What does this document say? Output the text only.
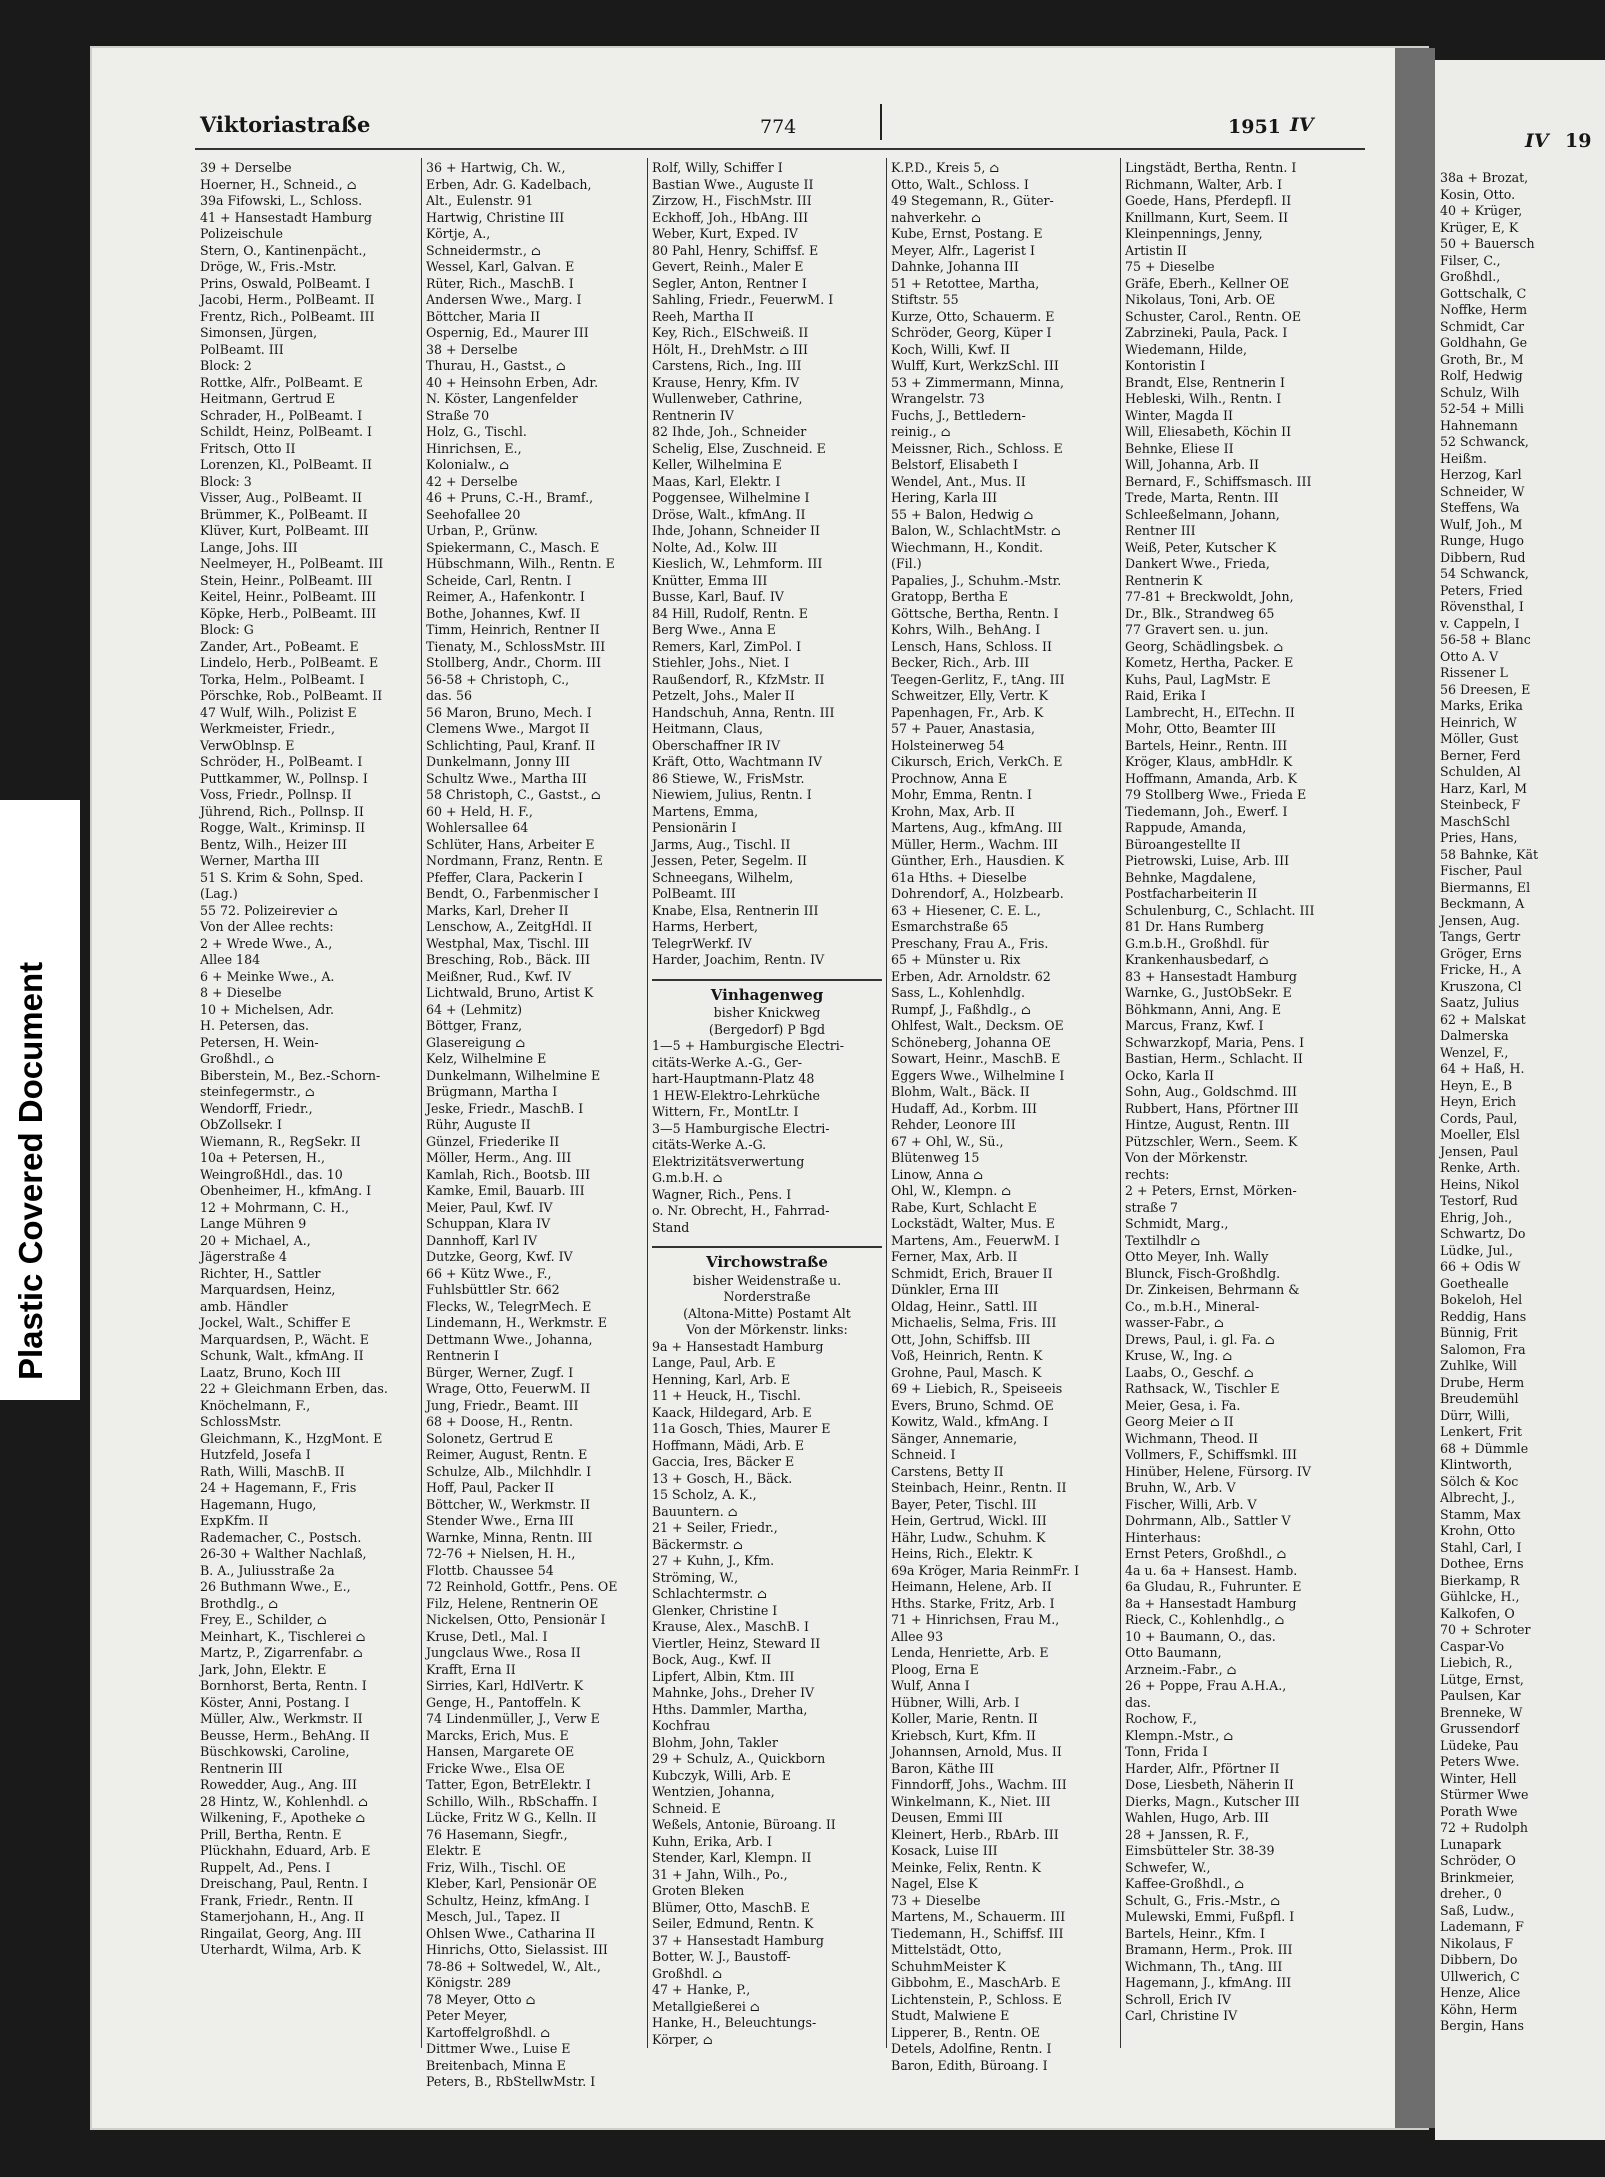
Plastic Covered Document
Viktoriastraße	774	1951 IV
IV 19
39 + Derselbe
Hoerner, H., Schneid., ⌂
39a Fifowski, L., Schloss.
41 + Hansestadt Hamburg
Polizeischule
Stern, O., Kantinenpächt.,
Dröge, W., Fris.-Mstr.
Prins, Oswald, PolBeamt. I
Jacobi, Herm., PolBeamt. II
Frentz, Rich., PolBeamt. III
Simonsen, Jürgen,
PolBeamt. III
Block: 2
Rottke, Alfr., PolBeamt. E
Heitmann, Gertrud E
Schrader, H., PolBeamt. I
Schildt, Heinz, PolBeamt. I
Fritsch, Otto II
Lorenzen, Kl., PolBeamt. II
Block: 3
Visser, Aug., PolBeamt. II
Brümmer, K., PolBeamt. II
Klüver, Kurt, PolBeamt. III
Lange, Johs. III
Neelmeyer, H., PolBeamt. III
Stein, Heinr., PolBeamt. III
Keitel, Heinr., PolBeamt. III
Köpke, Herb., PolBeamt. III
Block: G
Zander, Art., PoBeamt. E
Lindelo, Herb., PolBeamt. E
Torka, Helm., PolBeamt. I
Pörschke, Rob., PolBeamt. II
47 Wulf, Wilh., Polizist E
Werkmeister, Friedr.,
VerwOblnsp. E
Schröder, H., PolBeamt. I
Puttkammer, W., Pollnsp. I
Voss, Friedr., Pollnsp. II
Jührend, Rich., Pollnsp. II
Rogge, Walt., Kriminsp. II
Bentz, Wilh., Heizer III
Werner, Martha III
51 S. Krim & Sohn, Sped.
(Lag.)
55 72. Polizeirevier ⌂
Von der Allee rechts:
2 + Wrede Wwe., A.,
Allee 184
6 + Meinke Wwe., A.
8 + Dieselbe
10 + Michelsen, Adr.
H. Petersen, das.
Petersen, H. Wein-
Großhdl., ⌂
Biberstein, M., Bez.-Schorn-
steinfegermstr., ⌂
Wendorff, Friedr.,
ObZollsekr. I
Wiemann, R., RegSekr. II
10a + Petersen, H.,
WeingroßHdl., das. 10
Obenheimer, H., kfmAng. I
12 + Mohrmann, C. H.,
Lange Mühren 9
20 + Michael, A.,
Jägerstraße 4
Richter, H., Sattler
Marquardsen, Heinz,
amb. Händler
Jockel, Walt., Schiffer E
Marquardsen, P., Wächt. E
Schunk, Walt., kfmAng. II
Laatz, Bruno, Koch III
22 + Gleichmann Erben, das.
Knöchelmann, F.,
SchlossMstr.
Gleichmann, K., HzgMont. E
Hutzfeld, Josefa I
Rath, Willi, MaschB. II
24 + Hagemann, F., Fris
Hagemann, Hugo,
ExpKfm. II
Rademacher, C., Postsch.
26-30 + Walther Nachlaß,
B. A., Juliusstraße 2a
26 Buthmann Wwe., E.,
Brothdlg., ⌂
Frey, E., Schilder, ⌂
Meinhart, K., Tischlerei ⌂
Martz, P., Zigarrenfabr. ⌂
Jark, John, Elektr. E
Bornhorst, Berta, Rentn. I
Köster, Anni, Postang. I
Müller, Alw., Werkmstr. II
Beusse, Herm., BehAng. II
Büschkowski, Caroline,
Rentnerin III
Rowedder, Aug., Ang. III
28 Hintz, W., Kohlenhdl. ⌂
Wilkening, F., Apotheke ⌂
Prill, Bertha, Rentn. E
Plückhahn, Eduard, Arb. E
Ruppelt, Ad., Pens. I
Dreischang, Paul, Rentn. I
Frank, Friedr., Rentn. II
Stamerjohann, H., Ang. II
Ringailat, Georg, Ang. III
Uterhardt, Wilma, Arb. K
36 + Hartwig, Ch. W.,
Erben, Adr. G. Kadelbach,
Alt., Eulenstr. 91
Hartwig, Christine III
Körtje, A.,
Schneidermstr., ⌂
Wessel, Karl, Galvan. E
Rüter, Rich., MaschB. I
Andersen Wwe., Marg. I
Böttcher, Maria II
Ospernig, Ed., Maurer III
38 + Derselbe
Thurau, H., Gastst., ⌂
40 + Heinsohn Erben, Adr.
N. Köster, Langenfelder
Straße 70
Holz, G., Tischl.
Hinrichsen, E.,
Kolonialw., ⌂
42 + Derselbe
46 + Pruns, C.-H., Bramf.,
Seehofallee 20
Urban, P., Grünw.
Spiekermann, C., Masch. E
Hübschmann, Wilh., Rentn. E
Scheide, Carl, Rentn. I
Reimer, A., Hafenkontr. I
Bothe, Johannes, Kwf. II
Timm, Heinrich, Rentner II
Tienaty, M., SchlossMstr. III
Stollberg, Andr., Chorm. III
56-58 + Christoph, C.,
das. 56
56 Maron, Bruno, Mech. I
Clemens Wwe., Margot II
Schlichting, Paul, Kranf. II
Dunkelmann, Jonny III
Schultz Wwe., Martha III
58 Christoph, C., Gastst., ⌂
60 + Held, H. F.,
Wohlersallee 64
Schlüter, Hans, Arbeiter E
Nordmann, Franz, Rentn. E
Pfeffer, Clara, Packerin I
Bendt, O., Farbenmischer I
Marks, Karl, Dreher II
Lenschow, A., ZeitgHdl. II
Westphal, Max, Tischl. III
Bresching, Rob., Bäck. III
Meißner, Rud., Kwf. IV
Lichtwald, Bruno, Artist K
64 + (Lehmitz)
Böttger, Franz,
Glasereigung ⌂
Kelz, Wilhelmine E
Dunkelmann, Wilhelmine E
Brügmann, Martha I
Jeske, Friedr., MaschB. I
Rühr, Auguste II
Günzel, Friederike II
Möller, Herm., Ang. III
Kamlah, Rich., Bootsb. III
Kamke, Emil, Bauarb. III
Meier, Paul, Kwf. IV
Schuppan, Klara IV
Dannhoff, Karl IV
Dutzke, Georg, Kwf. IV
66 + Kütz Wwe., F.,
Fuhlsbüttler Str. 662
Flecks, W., TelegrMech. E
Lindemann, H., Werkmstr. E
Dettmann Wwe., Johanna,
Rentnerin I
Bürger, Werner, Zugf. I
Wrage, Otto, FeuerwM. II
Jung, Friedr., Beamt. III
68 + Doose, H., Rentn.
Solonetz, Gertrud E
Reimer, August, Rentn. E
Schulze, Alb., Milchhdlr. I
Hoff, Paul, Packer II
Böttcher, W., Werkmstr. II
Stender Wwe., Erna III
Warnke, Minna, Rentn. III
72-76 + Nielsen, H. H.,
Flottb. Chaussee 54
72 Reinhold, Gottfr., Pens. OE
Filz, Helene, Rentnerin OE
Nickelsen, Otto, Pensionär I
Kruse, Detl., Mal. I
Jungclaus Wwe., Rosa II
Krafft, Erna II
Sirries, Karl, HdlVertr. K
Genge, H., Pantoffeln. K
74 Lindenmüller, J., Verw E
Marcks, Erich, Mus. E
Hansen, Margarete OE
Fricke Wwe., Elsa OE
Tatter, Egon, BetrElektr. I
Schillo, Wilh., RbSchaffn. I
Lücke, Fritz W G., Kelln. II
76 Hasemann, Siegfr.,
Elektr. E
Friz, Wilh., Tischl. OE
Kleber, Karl, Pensionär OE
Schultz, Heinz, kfmAng. I
Mesch, Jul., Tapez. II
Ohlsen Wwe., Catharina II
Hinrichs, Otto, Sielassist. III
78-86 + Soltwedel, W., Alt.,
Königstr. 289
78 Meyer, Otto ⌂
Peter Meyer,
Kartoffelgroßhdl. ⌂
Dittmer Wwe., Luise E
Breitenbach, Minna E
Peters, B., RbStellwMstr. I
Rolf, Willy, Schiffer I
Bastian Wwe., Auguste II
Zirzow, H., FischMstr. III
Eckhoff, Joh., HbAng. III
Weber, Kurt, Exped. IV
80 Pahl, Henry, Schiffsf. E
Gevert, Reinh., Maler E
Segler, Anton, Rentner I
Sahling, Friedr., FeuerwM. I
Reeh, Martha II
Key, Rich., ElSchweiß. II
Hölt, H., DrehMstr. ⌂ III
Carstens, Rich., Ing. III
Krause, Henry, Kfm. IV
Wullenweber, Cathrine,
Rentnerin IV
82 Ihde, Joh., Schneider
Schelig, Else, Zuschneid. E
Keller, Wilhelmina E
Maas, Karl, Elektr. I
Poggensee, Wilhelmine I
Dröse, Walt., kfmAng. II
Ihde, Johann, Schneider II
Nolte, Ad., Kolw. III
Kieslich, W., Lehmform. III
Knütter, Emma III
Busse, Karl, Bauf. IV
84 Hill, Rudolf, Rentn. E
Berg Wwe., Anna E
Remers, Karl, ZimPol. I
Stiehler, Johs., Niet. I
Raußendorf, R., KfzMstr. II
Petzelt, Johs., Maler II
Handschuh, Anna, Rentn. III
Heitmann, Claus,
Oberschaffner IR IV
Kräft, Otto, Wachtmann IV
86 Stiewe, W., FrisMstr.
Niewiem, Julius, Rentn. I
Martens, Emma,
Pensionärin I
Jarms, Aug., Tischl. II
Jessen, Peter, Segelm. II
Schneegans, Wilhelm,
PolBeamt. III
Knabe, Elsa, Rentnerin III
Harms, Herbert,
TelegrWerkf. IV
Harder, Joachim, Rentn. IV
Vinhagenweg
bisher Knickweg
(Bergedorf) P Bgd
1—5 + Hamburgische Electri-
citäts-Werke A.-G., Ger-
hart-Hauptmann-Platz 48
1 HEW-Elektro-Lehrküche
Wittern, Fr., MontLtr. I
3—5 Hamburgische Electri-
citäts-Werke A.-G.
Elektrizitätsverwertung
G.m.b.H. ⌂
Wagner, Rich., Pens. I
o. Nr. Obrecht, H., Fahrrad-
Stand
Virchowstraße
bisher Weidenstraße u. Norderstraße
(Altona-Mitte) Postamt Alt
Von der Mörkenstr. links:
9a + Hansestadt Hamburg
Lange, Paul, Arb. E
Henning, Karl, Arb. E
11 + Heuck, H., Tischl.
Kaack, Hildegard, Arb. E
11a Gosch, Thies, Maurer E
Hoffmann, Mädi, Arb. E
Gaccia, Ires, Bäcker E
13 + Gosch, H., Bäck.
15 Scholz, A. K.,
Bauuntern. ⌂
21 + Seiler, Friedr.,
Bäckermstr. ⌂
27 + Kuhn, J., Kfm.
Ströming, W.,
Schlachtermstr. ⌂
Glenker, Christine I
Krause, Alex., MaschB. I
Viertler, Heinz, Steward II
Bock, Aug., Kwf. II
Lipfert, Albin, Ktm. III
Mahnke, Johs., Dreher IV
Hths. Dammler, Martha,
Kochfrau
Blohm, John, Takler
29 + Schulz, A., Quickborn
Kubczyk, Willi, Arb. E
Wentzien, Johanna,
Schneid. E
Weßels, Antonie, Büroang. II
Kuhn, Erika, Arb. I
Stender, Karl, Klempn. II
31 + Jahn, Wilh., Po.,
Groten Bleken
Blümer, Otto, MaschB. E
Seiler, Edmund, Rentn. K
37 + Hansestadt Hamburg
Botter, W. J., Baustoff-
Großhdl. ⌂
47 + Hanke, P.,
Metallgießerei ⌂
Hanke, H., Beleuchtungs-
Körper, ⌂
K.P.D., Kreis 5, ⌂
Otto, Walt., Schloss. I
49 Stegemann, R., Güter-
nahverkehr. ⌂
Kube, Ernst, Postang. E
Meyer, Alfr., Lagerist I
Dahnke, Johanna III
51 + Retottee, Martha,
Stiftstr. 55
Kurze, Otto, Schauerm. E
Schröder, Georg, Küper I
Koch, Willi, Kwf. II
Wulff, Kurt, WerkzSchl. III
53 + Zimmermann, Minna,
Wrangelstr. 73
Fuchs, J., Bettledern-
reinig., ⌂
Meissner, Rich., Schloss. E
Belstorf, Elisabeth I
Wendel, Ant., Mus. II
Hering, Karla III
55 + Balon, Hedwig ⌂
Balon, W., SchlachtMstr. ⌂
Wiechmann, H., Kondit.
(Fil.)
Papalies, J., Schuhm.-Mstr.
Gratopp, Bertha E
Göttsche, Bertha, Rentn. I
Kohrs, Wilh., BehAng. I
Lensch, Hans, Schloss. II
Becker, Rich., Arb. III
Teegen-Gerlitz, F., tAng. III
Schweitzer, Elly, Vertr. K
Papenhagen, Fr., Arb. K
57 + Pauer, Anastasia,
Holsteinerweg 54
Cikursch, Erich, VerkCh. E
Prochnow, Anna E
Mohr, Emma, Rentn. I
Krohn, Max, Arb. II
Martens, Aug., kfmAng. III
Müller, Herm., Wachm. III
Günther, Erh., Hausdien. K
61a Hths. + Dieselbe
Dohrendorf, A., Holzbearb.
63 + Hiesener, C. E. L.,
Esmarchstraße 65
Preschany, Frau A., Fris.
65 + Münster u. Rix
Erben, Adr. Arnoldstr. 62
Sass, L., Kohlenhdlg.
Rumpf, J., Faßhdlg., ⌂
Ohlfest, Walt., Decksm. OE
Schöneberg, Johanna OE
Sowart, Heinr., MaschB. E
Eggers Wwe., Wilhelmine I
Blohm, Walt., Bäck. II
Hudaff, Ad., Korbm. III
Rehder, Leonore III
67 + Ohl, W., Sü.,
Blütenweg 15
Linow, Anna ⌂
Ohl, W., Klempn. ⌂
Rabe, Kurt, Schlacht E
Lockstädt, Walter, Mus. E
Martens, Am., FeuerwM. I
Ferner, Max, Arb. II
Schmidt, Erich, Brauer II
Dünkler, Erna III
Oldag, Heinr., Sattl. III
Michaelis, Selma, Fris. III
Ott, John, Schiffsb. III
Voß, Heinrich, Rentn. K
Grohne, Paul, Masch. K
69 + Liebich, R., Speiseeis
Evers, Bruno, Schmd. OE
Kowitz, Wald., kfmAng. I
Sänger, Annemarie,
Schneid. I
Carstens, Betty II
Steinbach, Heinr., Rentn. II
Bayer, Peter, Tischl. III
Hein, Gertrud, Wickl. III
Hähr, Ludw., Schuhm. K
Heins, Rich., Elektr. K
69a Kröger, Maria ReinmFr. I
Heimann, Helene, Arb. II
Hths. Starke, Fritz, Arb. I
71 + Hinrichsen, Frau M.,
Allee 93
Lenda, Henriette, Arb. E
Ploog, Erna E
Wulf, Anna I
Hübner, Willi, Arb. I
Koller, Marie, Rentn. II
Kriebsch, Kurt, Kfm. II
Johannsen, Arnold, Mus. II
Baron, Käthe III
Finndorff, Johs., Wachm. III
Winkelmann, K., Niet. III
Deusen, Emmi III
Kleinert, Herb., RbArb. III
Kosack, Luise III
Meinke, Felix, Rentn. K
Nagel, Else K
73 + Dieselbe
Martens, M., Schauerm. III
Tiedemann, H., Schiffsf. III
Mittelstädt, Otto,
SchuhmMeister K
Gibbohm, E., MaschArb. E
Lichtenstein, P., Schloss. E
Studt, Malwiene E
Lipperer, B., Rentn. OE
Detels, Adolfine, Rentn. I
Baron, Edith, Büroang. I
Lingstädt, Bertha, Rentn. I
Richmann, Walter, Arb. I
Goede, Hans, Pferdepfl. II
Knillmann, Kurt, Seem. II
Kleinpennings, Jenny,
Artistin II
75 + Dieselbe
Gräfe, Eberh., Kellner OE
Nikolaus, Toni, Arb. OE
Schuster, Carol., Rentn. OE
Zabrzineki, Paula, Pack. I
Wiedemann, Hilde,
Kontoristin I
Brandt, Else, Rentnerin I
Hebleski, Wilh., Rentn. I
Winter, Magda II
Will, Eliesabeth, Köchin II
Behnke, Eliese II
Will, Johanna, Arb. II
Bernard, F., Schiffsmasch. III
Trede, Marta, Rentn. III
Schleeßelmann, Johann,
Rentner III
Weiß, Peter, Kutscher K
Dankert Wwe., Frieda,
Rentnerin K
77-81 + Breckwoldt, John,
Dr., Blk., Strandweg 65
77 Gravert sen. u. jun.
Georg, Schädlingsbek. ⌂
Kometz, Hertha, Packer. E
Kuhs, Paul, LagMstr. E
Raid, Erika I
Lambrecht, H., ElTechn. II
Mohr, Otto, Beamter III
Bartels, Heinr., Rentn. III
Kröger, Klaus, ambHdlr. K
Hoffmann, Amanda, Arb. K
79 Stollberg Wwe., Frieda E
Tiedemann, Joh., Ewerf. I
Rappude, Amanda,
Büroangestellte II
Pietrowski, Luise, Arb. III
Behnke, Magdalene,
Postfacharbeiterin II
Schulenburg, C., Schlacht. III
81 Dr. Hans Rumberg
G.m.b.H., Großhdl. für
Krankenhausbedarf, ⌂
83 + Hansestadt Hamburg
Warnke, G., JustObSekr. E
Böhkmann, Anni, Ang. E
Marcus, Franz, Kwf. I
Schwarzkopf, Maria, Pens. I
Bastian, Herm., Schlacht. II
Ocko, Karla II
Sohn, Aug., Goldschmd. III
Rubbert, Hans, Pförtner III
Hintze, August, Rentn. III
Pützschler, Wern., Seem. K
Von der Mörkenstr.
rechts:
2 + Peters, Ernst, Mörken-
straße 7
Schmidt, Marg.,
Textilhdlr ⌂
Otto Meyer, Inh. Wally
Blunck, Fisch-Großhdlg.
Dr. Zinkeisen, Behrmann &
Co., m.b.H., Mineral-
wasser-Fabr., ⌂
Drews, Paul, i. gl. Fa. ⌂
Kruse, W., Ing. ⌂
Laabs, O., Geschf. ⌂
Rathsack, W., Tischler E
Meier, Gesa, i. Fa.
Georg Meier ⌂ II
Wichmann, Theod. II
Vollmers, F., Schiffsmkl. III
Hinüber, Helene, Fürsorg. IV
Bruhn, W., Arb. V
Fischer, Willi, Arb. V
Dohrmann, Alb., Sattler V
Hinterhaus:
Ernst Peters, Großhdl., ⌂
4a u. 6a + Hansest. Hamb.
6a Gludau, R., Fuhrunter. E
8a + Hansestadt Hamburg
Rieck, C., Kohlenhdlg., ⌂
10 + Baumann, O., das.
Otto Baumann,
Arzneim.-Fabr., ⌂
26 + Poppe, Frau A.H.A.,
das.
Rochow, F.,
Klempn.-Mstr., ⌂
Tonn, Frida I
Harder, Alfr., Pförtner II
Dose, Liesbeth, Näherin II
Dierks, Magn., Kutscher III
Wahlen, Hugo, Arb. III
28 + Janssen, R. F.,
Eimsbütteler Str. 38-39
Schwefer, W.,
Kaffee-Großhdl., ⌂
Schult, G., Fris.-Mstr., ⌂
Mulewski, Emmi, Fußpfl. I
Bartels, Heinr., Kfm. I
Bramann, Herm., Prok. III
Wichmann, Th., tAng. III
Hagemann, J., kfmAng. III
Schroll, Erich IV
Carl, Christine IV
38a + Brozat,
Kosin, Otto.
40 + Krüger,
Krüger, E, K
50 + Bauersch
Filser, C.,
Großhdl.,
Gottschalk, C
Noffke, Herm
Schmidt, Car
Goldhahn, Ge
Groth, Br., M
Rolf, Hedwig
Schulz, Wilh
52-54 + Milli
Hahnemann
52 Schwanck,
Heißm.
Herzog, Karl
Schneider, W
Steffens, Wa
Wulf, Joh., M
Runge, Hugo
Dibbern, Rud
54 Schwanck,
Peters, Fried
Rövensthal, I
v. Cappeln, I
56-58 + Blanc
Otto A. V
Rissener L
56 Dreesen, E
Marks, Erika
Heinrich, W
Möller, Gust
Berner, Ferd
Schulden, Al
Harz, Karl, M
Steinbeck, F
MaschSchl
Pries, Hans,
58 Bahnke, Kät
Fischer, Paul
Biermanns, El
Beckmann, A
Jensen, Aug.
Tangs, Gertr
Gröger, Erns
Fricke, H., A
Kruszona, Cl
Saatz, Julius
62 + Malskat
Dalmerska
Wenzel, F.,
64 + Haß, H.
Heyn, E., B
Heyn, Erich
Cords, Paul,
Moeller, Elsl
Jensen, Paul
Renke, Arth.
Heins, Nikol
Testorf, Rud
Ehrig, Joh.,
Schwartz, Do
Lüdke, Jul.,
66 + Odis W
Goethealle
Bokeloh, Hel
Reddig, Hans
Bünnig, Frit
Salomon, Fra
Zuhlke, Will
Drube, Herm
Breudemühl
Dürr, Willi,
Lenkert, Frit
68 + Dümmle
Klintworth,
Sölch & Koc
Albrecht, J.,
Stamm, Max
Krohn, Otto
Stahl, Carl, I
Dothee, Erns
Bierkamp, R
Gühlcke, H.,
Kalkofen, O
70 + Schroter
Caspar-Vo
Liebich, R.,
Lütge, Ernst,
Paulsen, Kar
Brenneke, W
Grussendorf
Lüdeke, Pau
Peters Wwe.
Winter, Hell
Stürmer Wwe
Porath Wwe
72 + Rudolph
Lunapark
Schröder, O
Brinkmeier,
dreher., 0
Saß, Ludw.,
Lademann, F
Nikolaus, F
Dibbern, Do
Ullwerich, C
Henze, Alice
Köhn, Herm
Bergin, Hans
